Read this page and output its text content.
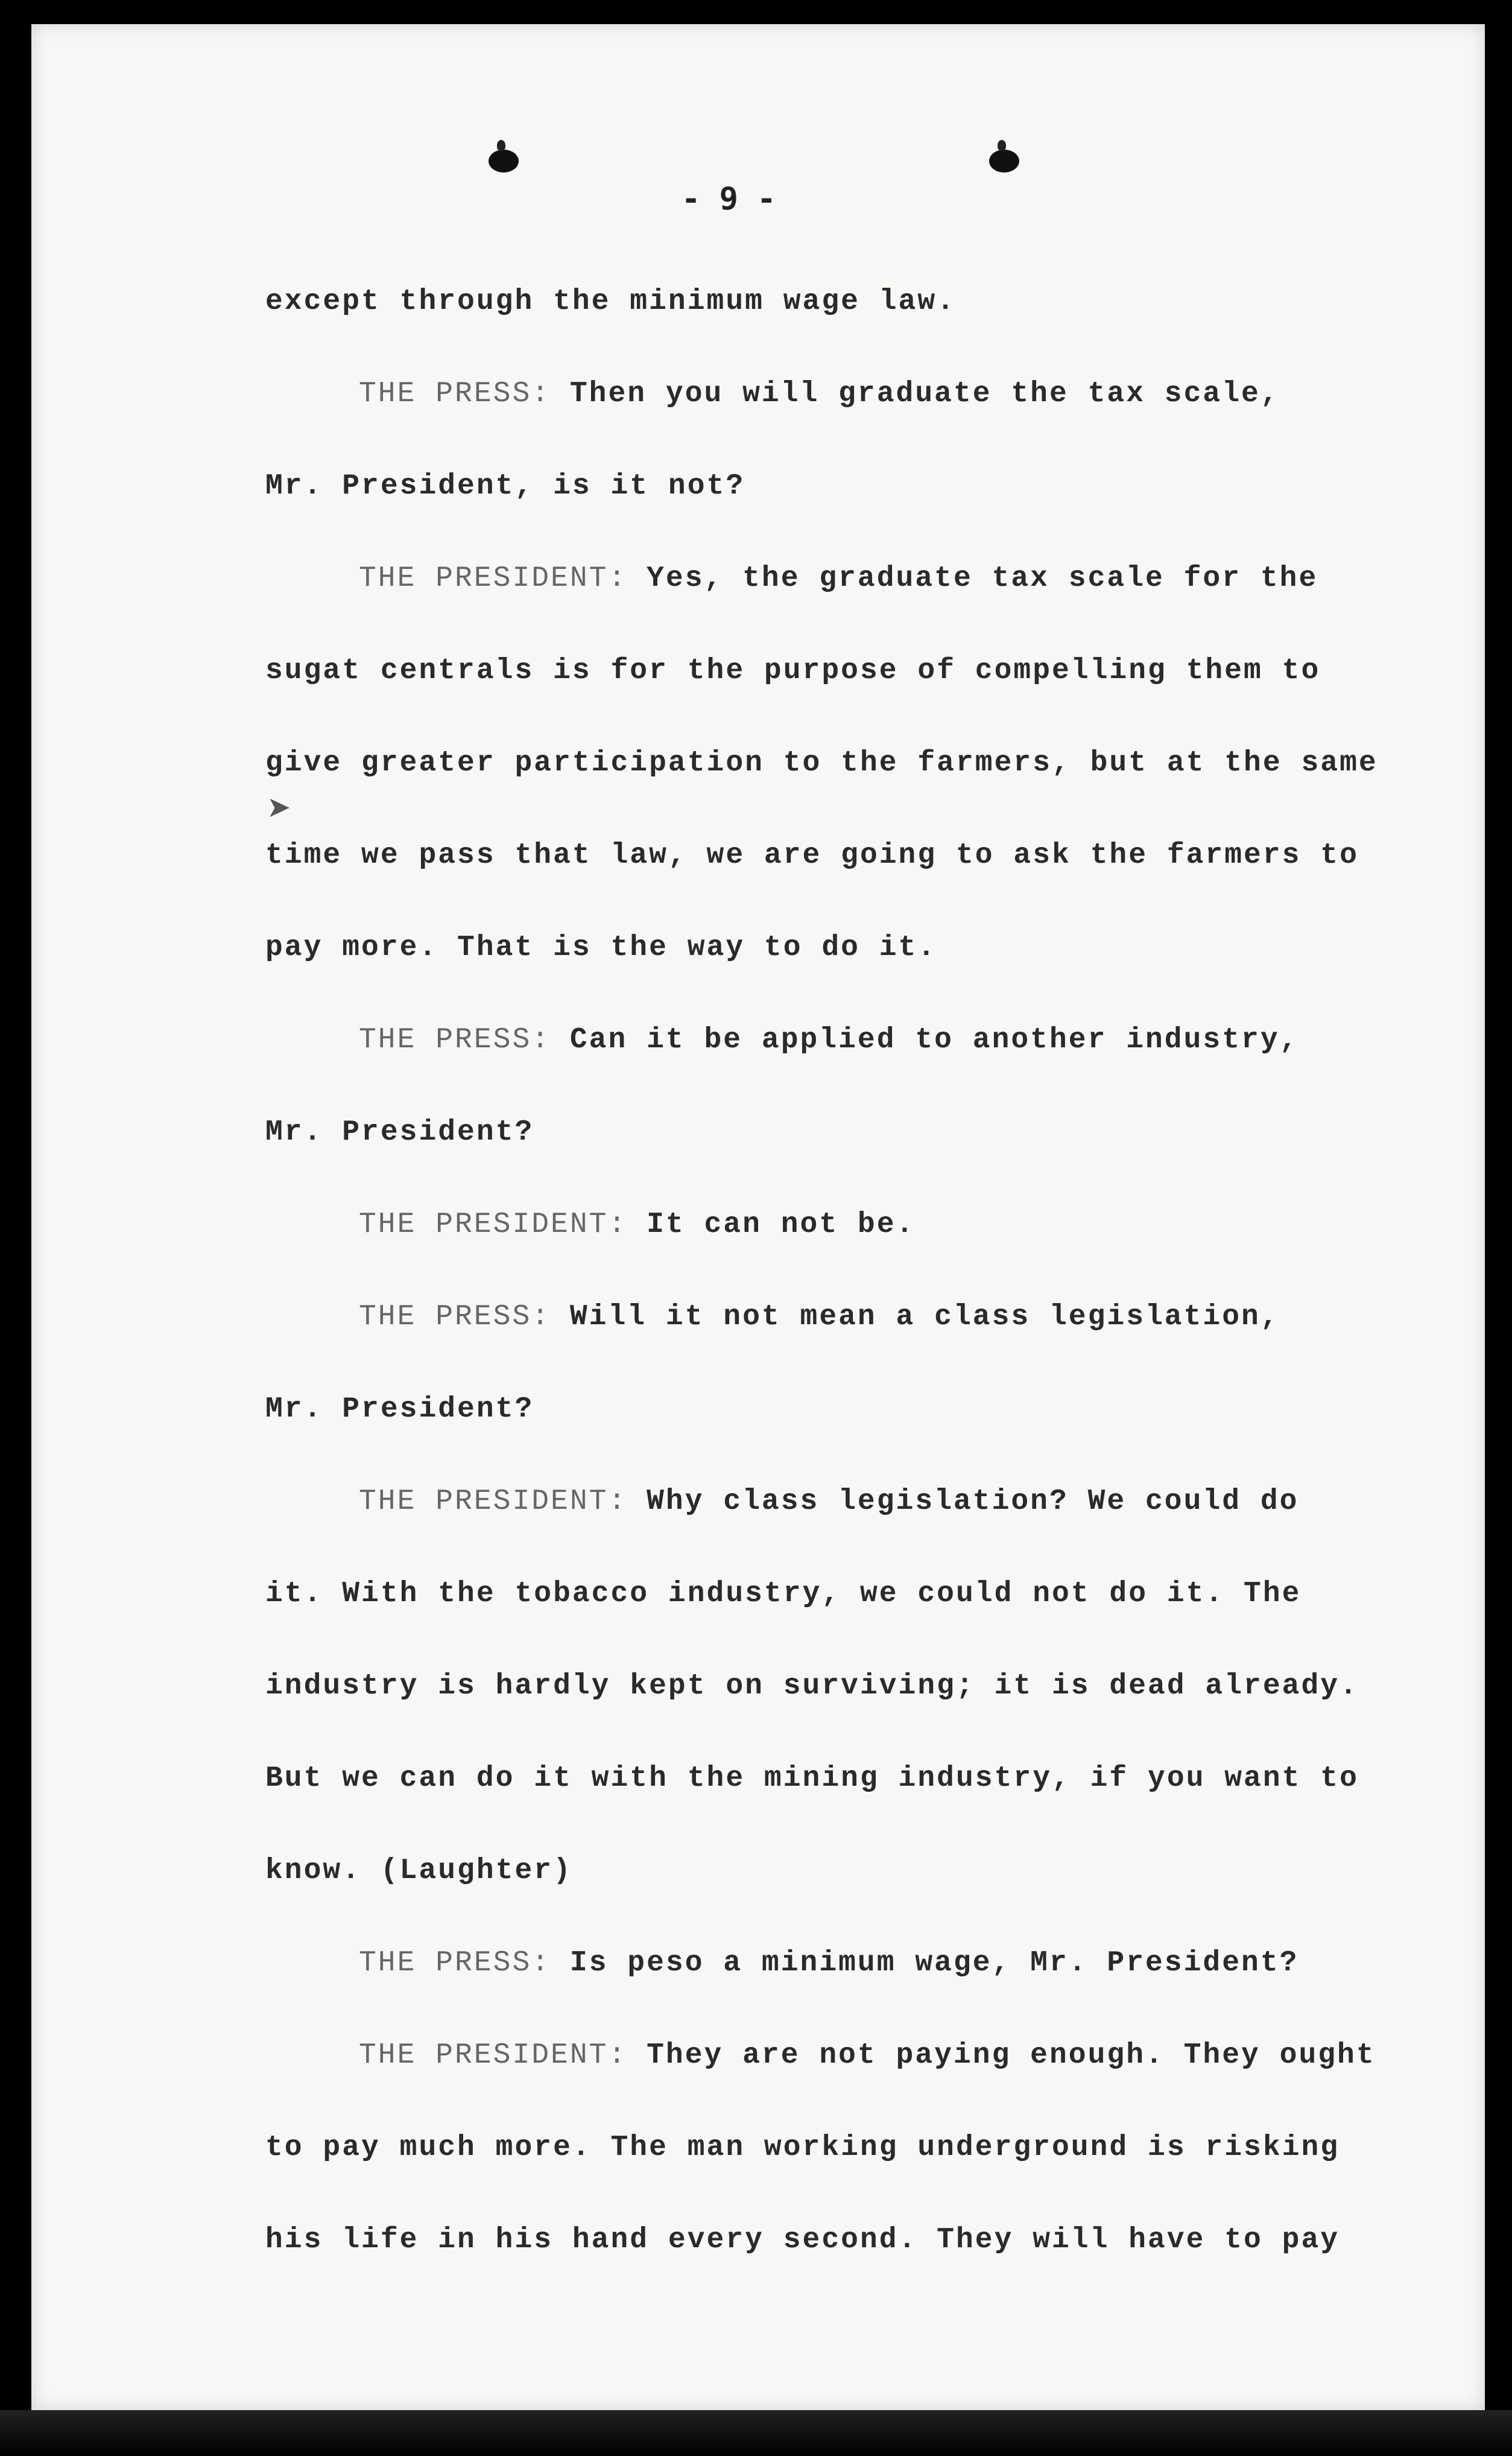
➤
- 9 -
except through the minimum wage law.
THE PRESS: Then you will graduate the tax scale,
Mr. President, is it not?
THE PRESIDENT: Yes, the graduate tax scale for the
sugat centrals is for the purpose of compelling them to
give greater participation to the farmers, but at the same
time we pass that law, we are going to ask the farmers to
pay more. That is the way to do it.
THE PRESS: Can it be applied to another industry,
Mr. President?
THE PRESIDENT: It can not be.
THE PRESS: Will it not mean a class legislation,
Mr. President?
THE PRESIDENT: Why class legislation? We could do
it. With the tobacco industry, we could not do it. The
industry is hardly kept on surviving; it is dead already.
But we can do it with the mining industry, if you want to
know. (Laughter)
THE PRESS: Is peso a minimum wage, Mr. President?
THE PRESIDENT: They are not paying enough. They ought
to pay much more. The man working underground is risking
his life in his hand every second. They will have to pay
